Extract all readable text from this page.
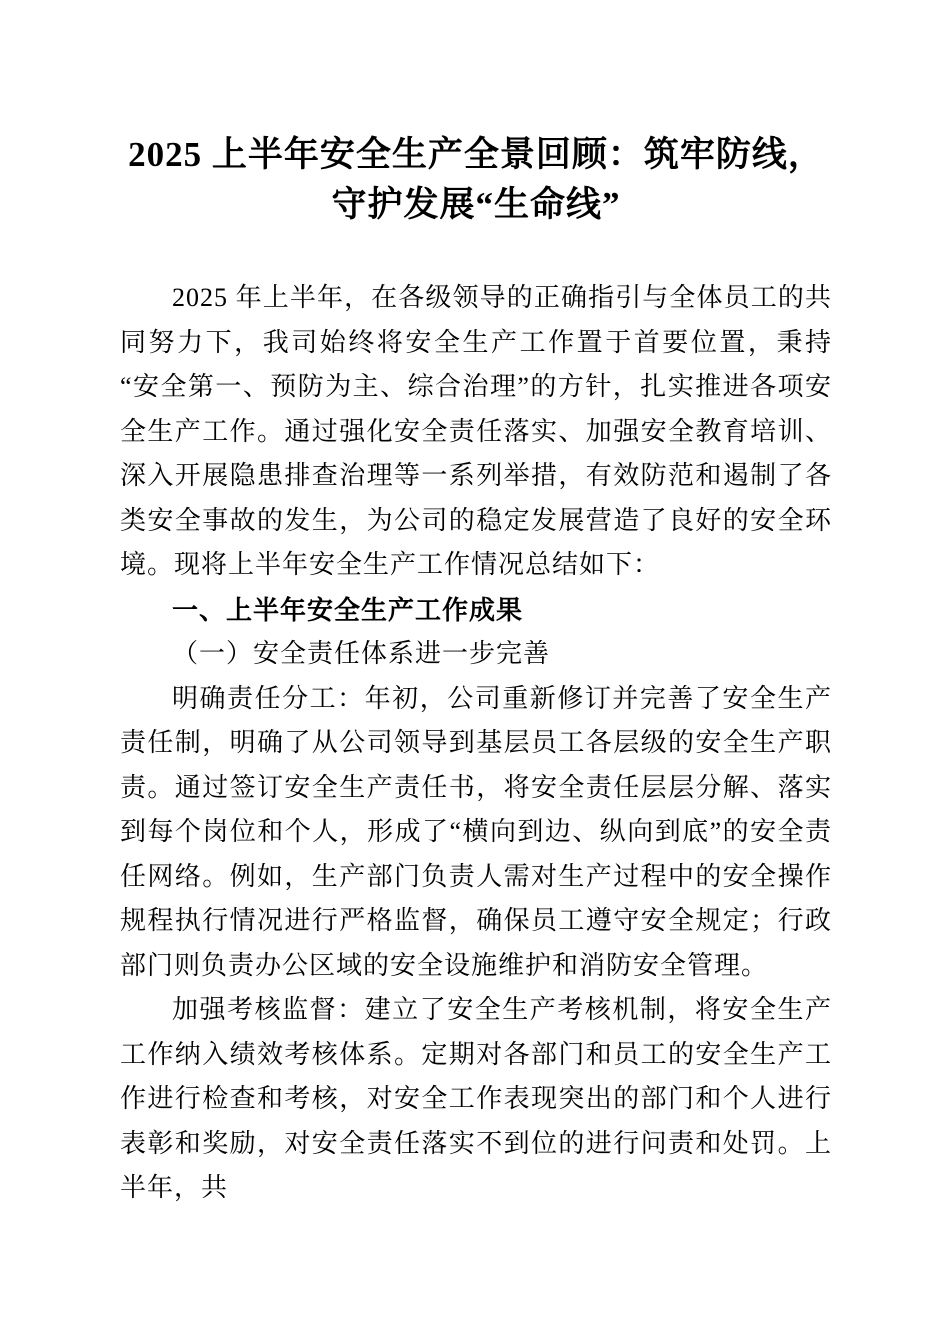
2025 上半年安全生产全景回顾：筑牢防线，守护发展“生命线”

2025 年上半年，在各级领导的正确指引与全体员工的共同努力下，我司始终将安全生产工作置于首要位置，秉持“安全第一、预防为主、综合治理”的方针，扎实推进各项安全生产工作。通过强化安全责任落实、加强安全教育培训、深入开展隐患排查治理等一系列举措，有效防范和遏制了各类安全事故的发生，为公司的稳定发展营造了良好的安全环境。现将上半年安全生产工作情况总结如下：

一、上半年安全生产工作成果
（一）安全责任体系进一步完善

明确责任分工：年初，公司重新修订并完善了安全生产责任制，明确了从公司领导到基层员工各层级的安全生产职责。通过签订安全生产责任书，将安全责任层层分解、落实到每个岗位和个人，形成了“横向到边、纵向到底”的安全责任网络。例如，生产部门负责人需对生产过程中的安全操作规程执行情况进行严格监督，确保员工遵守安全规定；行政部门则负责办公区域的安全设施维护和消防安全管理。

加强考核监督：建立了安全生产考核机制，将安全生产工作纳入绩效考核体系。定期对各部门和员工的安全生产工作进行检查和考核，对安全工作表现突出的部门和个人进行表彰和奖励，对安全责任落实不到位的进行问责和处罚。上半年，共
